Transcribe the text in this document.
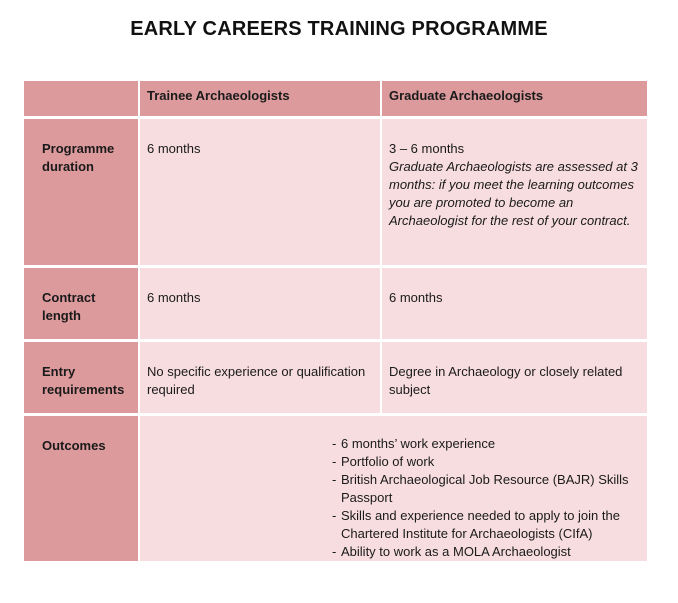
EARLY CAREERS TRAINING PROGRAMME
Trainee Archaeologists	Graduate Archaeologists
Programme duration
6 months	3 – 6 months
Graduate Archaeologists are assessed at 3 months: if you meet the learning outcomes you are promoted to become an Archaeologist for the rest of your contract.
Contract length
6 months	6 months
Entry requirements
No specific experience or qualification required
Degree in Archaeology or closely related subject
Outcomes
-	6 months’ work experience
- Portfolio of work
- British Archaeological Job Resource (BAJR) Skills Passport
- Skills and experience needed to apply to join the Chartered Institute for Archaeologists (CIfA)
- Ability to work as a MOLA Archaeologist
